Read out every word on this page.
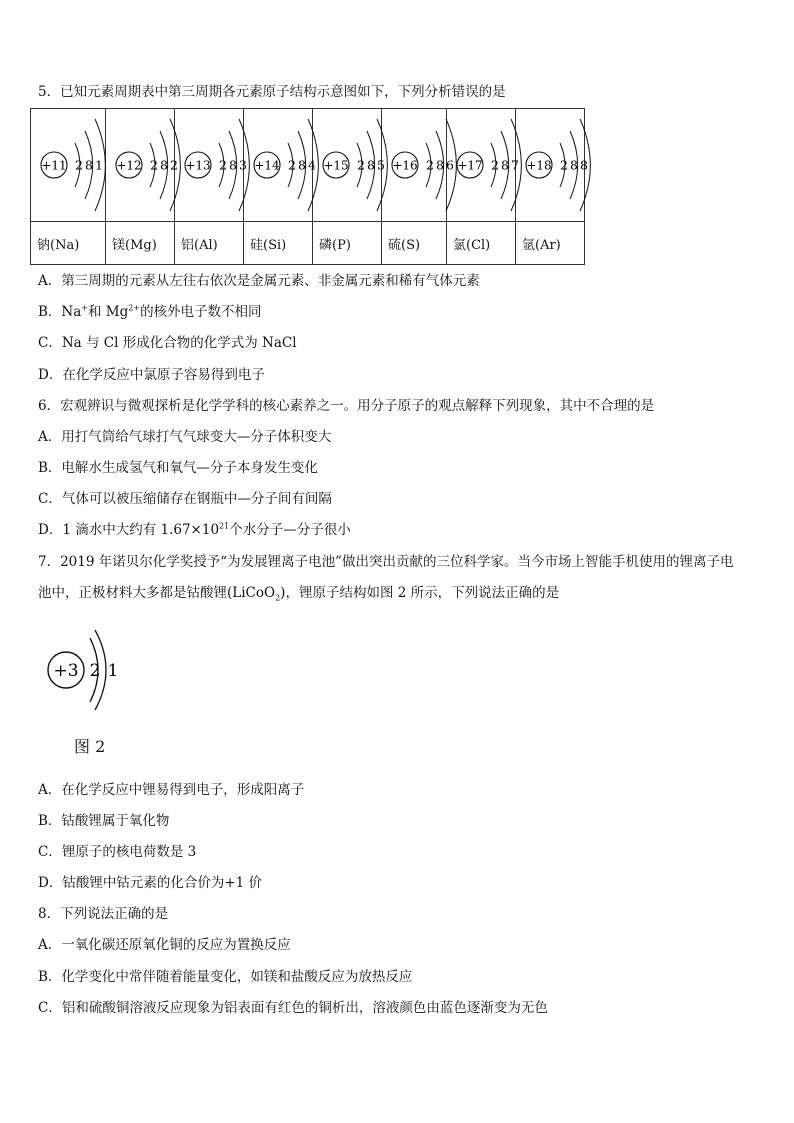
5．已知元素周期表中第三周期各元素原子结构示意图如下，下列分析错误的是
+11 2 8 1	+12 2 8 2	+13 2 8 3	+14 2 8 4	+15 2 8 5	+16 2 8 6	+17 2 8 7	+18 2 8 8

钠(Na)	镁(Mg)	铝(Al)	硅(Si)	磷(P)	硫(S)	氯(Cl)	氩(Ar)
A．第三周期的元素从左往右依次是金属元素、非金属元素和稀有气体元素
B．Na+和 $Mg^{2+}$的核外电子数不相同
C．Na 与 Cl 形成化合物的化学式为 NaCl
D．在化学反应中氯原子容易得到电子
6．宏观辨识与微观探析是化学学科的核心素养之一。用分子原子的观点解释下列现象，其中不合理的是
A．用打气筒给气球打气气球变大—分子体积变大
B．电解水生成氢气和氧气—分子本身发生变化
C．气体可以被压缩储存在钢瓶中—分子间有间隔
D．1 滴水中大约有 $1.67\times 10^{21}$个水分子—分子很小
7．2019 年诺贝尔化学奖授予“为发展锂离子电池”做出突出贡献的三位科学家。当今市场上智能手机使用的锂离子电
池中，正极材料大多都是钴酸锂(LiCoO$_2$)，锂原子结构如图 2 所示，下列说法正确的是
+3 2 1
图 2
A．在化学反应中锂易得到电子，形成阳离子
B．钴酸锂属于氧化物
C．锂原子的核电荷数是 3
D．钴酸锂中钴元素的化合价为+1 价
8．下列说法正确的是
A．一氧化碳还原氧化铜的反应为置换反应
B．化学变化中常伴随着能量变化，如镁和盐酸反应为放热反应
C．铝和硫酸铜溶液反应现象为铝表面有红色的铜析出，溶液颜色由蓝色逐渐变为无色
